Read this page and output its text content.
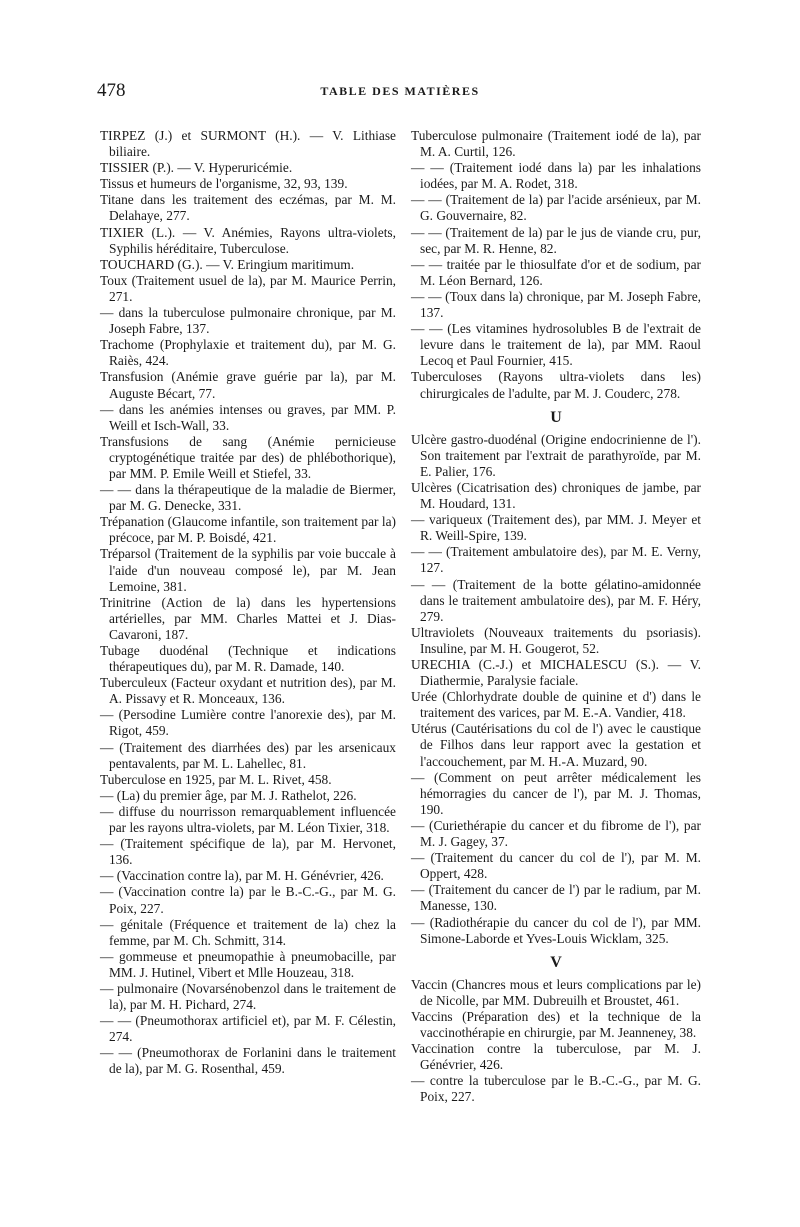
478	TABLE DES MATIÈRES

TIRPEZ (J.) et SURMONT (H.). — V. Lithiase biliaire.

TISSIER (P.). — V. Hyperuricémie.

Tissus et humeurs de l'organisme, 32, 93, 139.

Titane dans les traitement des eczémas, par M. M. Delahaye, 277.

TIXIER (L.). — V. Anémies, Rayons ultra-violets, Syphilis héréditaire, Tuberculose.

TOUCHARD (G.). — V. Eringium maritimum.

Toux (Traitement usuel de la), par M. Maurice Perrin, 271.

— dans la tuberculose pulmonaire chronique, par M. Joseph Fabre, 137.

Trachome (Prophylaxie et traitement du), par M. G. Raiès, 424.

Transfusion (Anémie grave guérie par la), par M. Auguste Bécart, 77.

— dans les anémies intenses ou graves, par MM. P. Weill et Isch-Wall, 33.

Transfusions de sang (Anémie pernicieuse cryptogénétique traitée par des) de phlébothorique), par MM. P. Emile Weill et Stiefel, 33.

— — dans la thérapeutique de la maladie de Biermer, par M. G. Denecke, 331.

Trépanation (Glaucome infantile, son traitement par la) précoce, par M. P. Boisdé, 421.

Tréparsol (Traitement de la syphilis par voie buccale à l'aide d'un nouveau composé le), par M. Jean Lemoine, 381.

Trinitrine (Action de la) dans les hypertensions artérielles, par MM. Charles Mattei et J. Dias-Cavaroni, 187.

Tubage duodénal (Technique et indications thérapeutiques du), par M. R. Damade, 140.

Tuberculeux (Facteur oxydant et nutrition des), par M. A. Pissavy et R. Monceaux, 136.

— (Persodine Lumière contre l'anorexie des), par M. Rigot, 459.

— (Traitement des diarrhées des) par les arsenicaux pentavalents, par M. L. Lahellec, 81.

Tuberculose en 1925, par M. L. Rivet, 458.

— (La) du premier âge, par M. J. Rathelot, 226.

— diffuse du nourrisson remarquablement influencée par les rayons ultra-violets, par M. Léon Tixier, 318.

— (Traitement spécifique de la), par M. Hervonet, 136.

— (Vaccination contre la), par M. H. Génévrier, 426.

— (Vaccination contre la) par le B.-C.-G., par M. G. Poix, 227.

— génitale (Fréquence et traitement de la) chez la femme, par M. Ch. Schmitt, 314.

— gommeuse et pneumopathie à pneumobacille, par MM. J. Hutinel, Vibert et Mlle Houzeau, 318.

— pulmonaire (Novarsénobenzol dans le traitement de la), par M. H. Pichard, 274.

— — (Pneumothorax artificiel et), par M. F. Célestin, 274.

— — (Pneumothorax de Forlanini dans le traitement de la), par M. G. Rosenthal, 459.

Tuberculose pulmonaire (Traitement iodé de la), par M. A. Curtil, 126.

— — (Traitement iodé dans la) par les inhalations iodées, par M. A. Rodet, 318.

— — (Traitement de la) par l'acide arsénieux, par M. G. Gouvernaire, 82.

— — (Traitement de la) par le jus de viande cru, pur, sec, par M. R. Henne, 82.

— — traitée par le thiosulfate d'or et de sodium, par M. Léon Bernard, 126.

— — (Toux dans la) chronique, par M. Joseph Fabre, 137.

— — (Les vitamines hydrosolubles B de l'extrait de levure dans le traitement de la), par MM. Raoul Lecoq et Paul Fournier, 415.

Tuberculoses (Rayons ultra-violets dans les) chirurgicales de l'adulte, par M. J. Couderc, 278.

U

Ulcère gastro-duodénal (Origine endocrinienne de l'). Son traitement par l'extrait de parathyroïde, par M. E. Palier, 176.

Ulcères (Cicatrisation des) chroniques de jambe, par M. Houdard, 131.

— variqueux (Traitement des), par MM. J. Meyer et R. Weill-Spire, 139.

— — (Traitement ambulatoire des), par M. E. Verny, 127.

— — (Traitement de la botte gélatino-amidonnée dans le traitement ambulatoire des), par M. F. Héry, 279.

Ultraviolets (Nouveaux traitements du psoriasis). Insuline, par M. H. Gougerot, 52.

URECHIA (C.-J.) et MICHALESCU (S.). — V. Diathermie, Paralysie faciale.

Urée (Chlorhydrate double de quinine et d') dans le traitement des varices, par M. E.-A. Vandier, 418.

Utérus (Cautérisations du col de l') avec le caustique de Filhos dans leur rapport avec la gestation et l'accouchement, par M. H.-A. Muzard, 90.

— (Comment on peut arrêter médicalement les hémorragies du cancer de l'), par M. J. Thomas, 190.

— (Curiethérapie du cancer et du fibrome de l'), par M. J. Gagey, 37.

— (Traitement du cancer du col de l'), par M. M. Oppert, 428.

— (Traitement du cancer de l') par le radium, par M. Manesse, 130.

— (Radiothérapie du cancer du col de l'), par MM. Simone-Laborde et Yves-Louis Wicklam, 325.

V

Vaccin (Chancres mous et leurs complications par le) de Nicolle, par MM. Dubreuilh et Broustet, 461.

Vaccins (Préparation des) et la technique de la vaccinothérapie en chirurgie, par M. Jeanneney, 38.

Vaccination contre la tuberculose, par M. J. Génévrier, 426.

— contre la tuberculose par le B.-C.-G., par M. G. Poix, 227.
